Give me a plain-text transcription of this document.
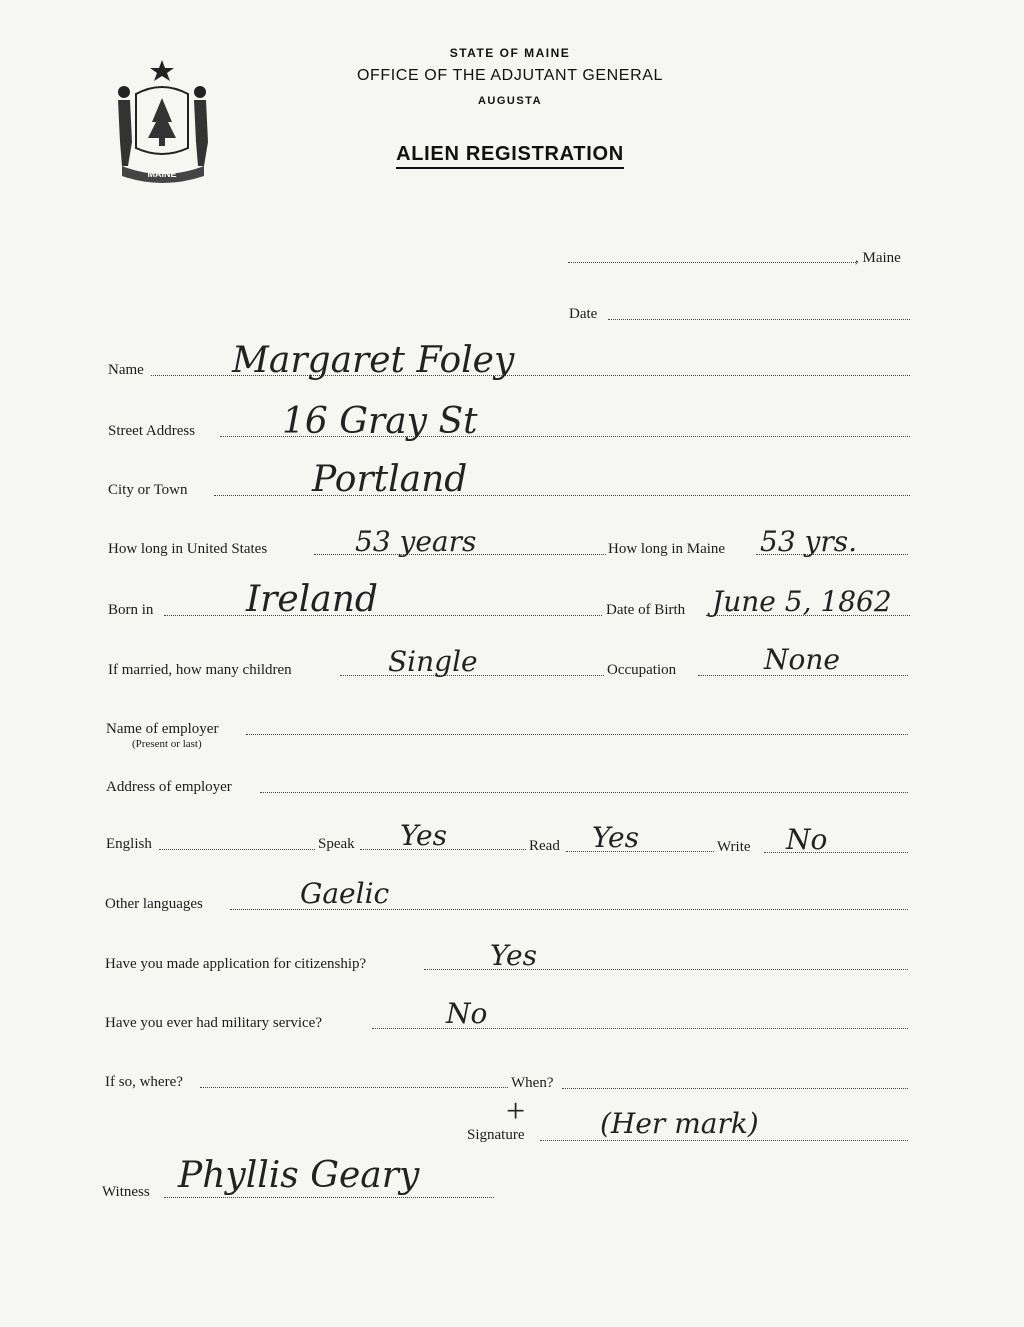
MAINE
STATE OF MAINE
OFFICE OF THE ADJUTANT GENERAL
AUGUSTA
ALIEN REGISTRATION
, Maine
Date
Name Margaret Foley
Street Address 16 Gray St
City or Town	Portland
How long in United States	53 years	How long in Maine 53 yrs.
Born in	Ireland	Date of Birth June 5, 1862
If married, how many children	Single	Occupation	None
Name of employer
(Present or last)
Address of employer
English	Speak Yes	Read Yes	Write No
Other languages	Gaelic
Have you made application for citizenship?	Yes
Have you ever had military service?	No
If so, where?	When?
+
Signature	(Her mark)
Witness Phyllis Geary
